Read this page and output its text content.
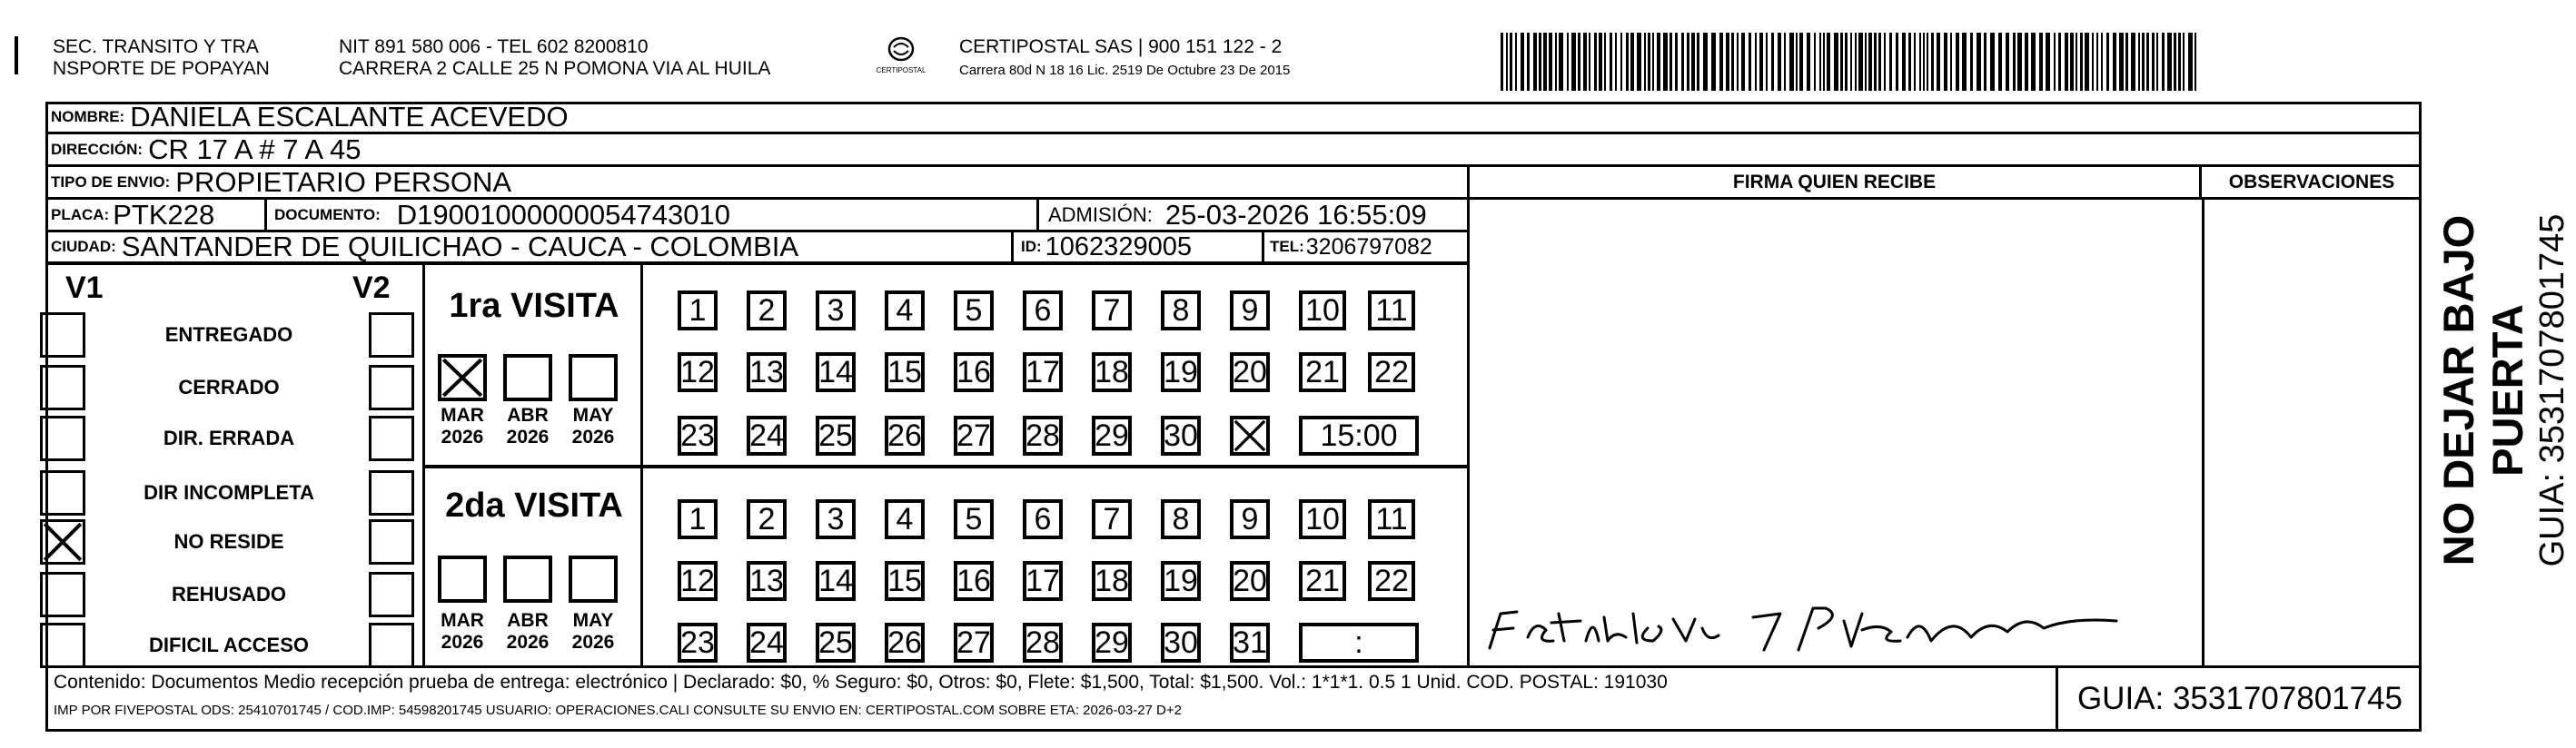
SEC. TRANSITO Y TRA
NSPORTE DE POPAYAN
NIT 891 580 006 - TEL 602 8200810
CARRERA 2 CALLE 25 N POMONA VIA AL HUILA	CERTIPOSTAL
CERTIPOSTAL SAS | 900 151 122 - 2
Carrera 80d N 18 16 Lic. 2519 De Octubre 23 De 2015
NO DEJAR BAJO PUERTA GUIA: 3531707801745
NOMBRE: DANIELA ESCALANTE ACEVEDO
DIRECCIÓN: CR 17 A # 7 A 45
TIPO DE ENVIO: PROPIETARIO PERSONA	FIRMA QUIEN RECIBE	OBSERVACIONES
PLACA: PTK228	DOCUMENTO: D19001000000054743010	ADMISIÓN: 25-03-2026 16:55:09
CIUDAD: SANTANDER DE QUILICHAO - CAUCA - COLOMBIA	ID: 1062329005	TEL: 3206797082
V1	V2
ENTREGADO
CERRADO
DIR. ERRADA
DIR INCOMPLETA
NO RESIDE
REHUSADO
DIFICIL ACCESO
1ra VISITA
MAR
2026
ABR
2026
MAY
2026
1 2 3 4 5 6 7 8 9 10 11
12 13 14 15 16 17 18 19 20 21 22
23 24 25 26 27 28 29 30	15:00
2da VISITA
MAR
2026
ABR
2026
MAY
2026
1 2 3 4 5 6 7 8 9 10 11
12 13 14 15 16 17 18 19 20 21 22
23 24 25 26 27 28 29 30 31	:
Contenido: Documentos Medio recepción prueba de entrega: electrónico | Declarado: $0, % Seguro: $0, Otros: $0, Flete: $1,500, Total: $1,500. Vol.: 1*1*1. 0.5 1 Unid. COD. POSTAL: 191030
IMP POR FIVEPOSTAL ODS: 25410701745 / COD.IMP: 54598201745 USUARIO: OPERACIONES.CALI CONSULTE SU ENVIO EN: CERTIPOSTAL.COM SOBRE ETA: 2026-03-27 D+2	GUIA: 3531707801745
